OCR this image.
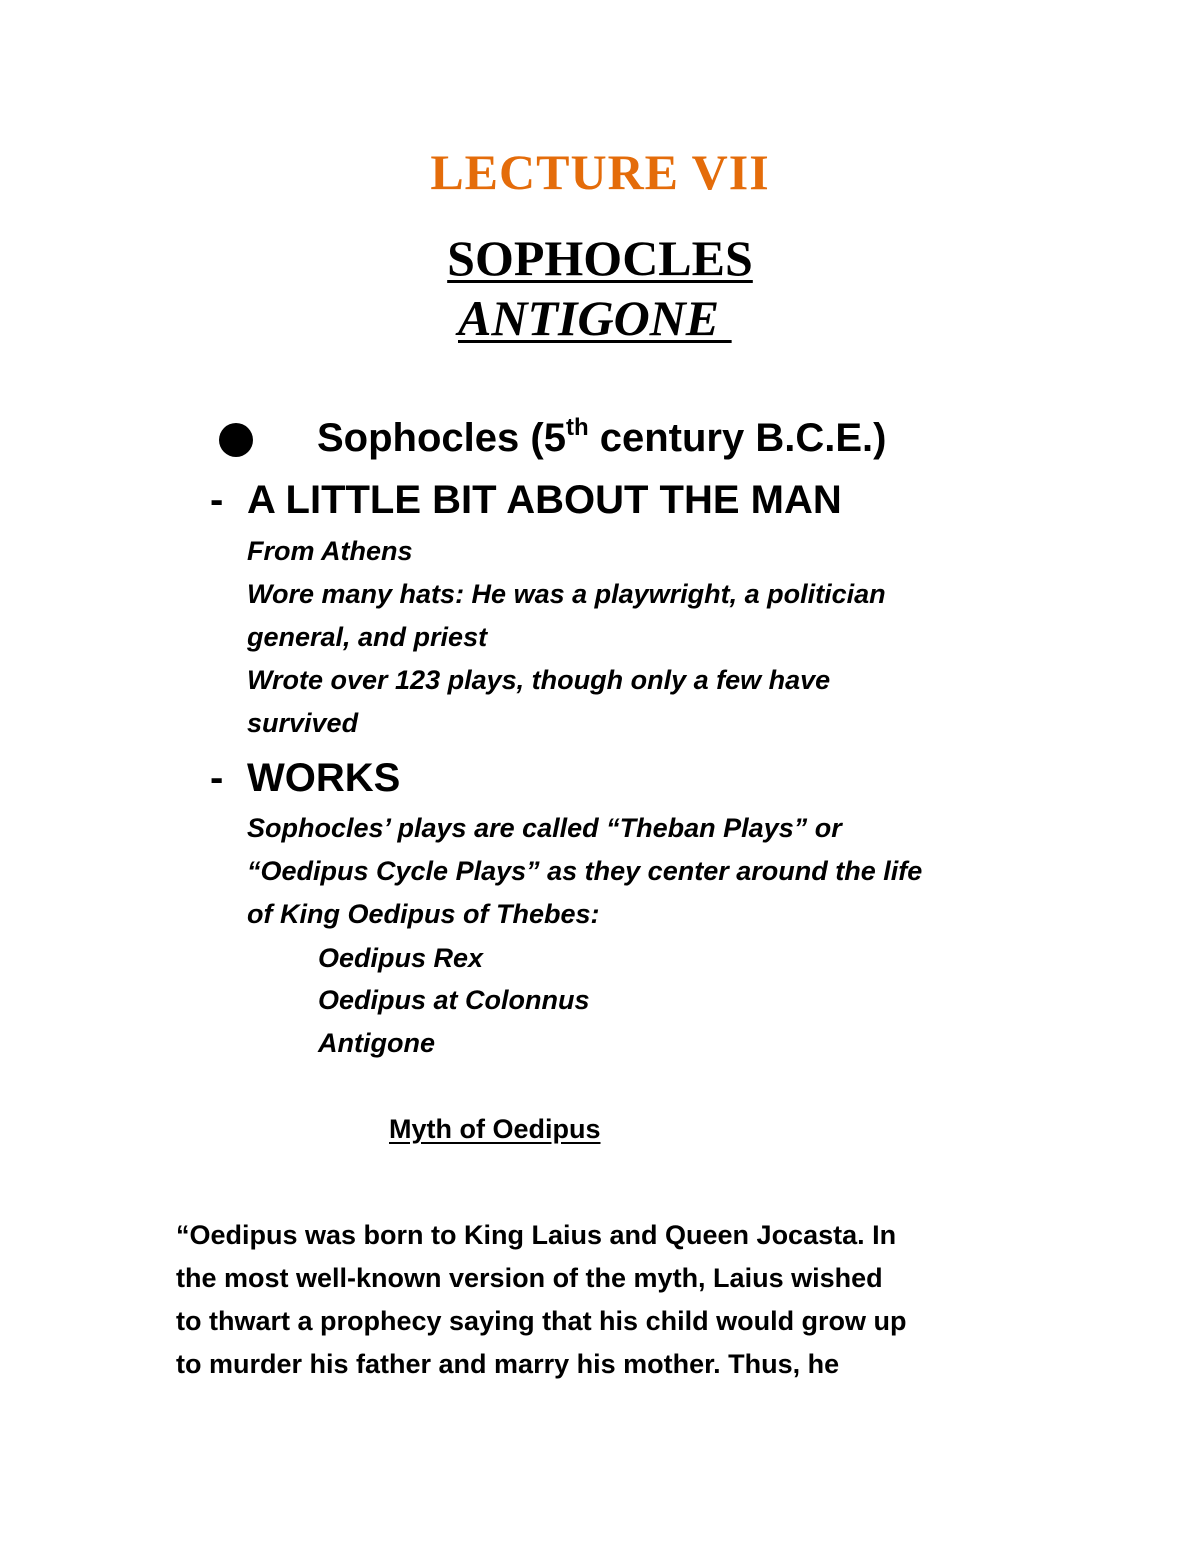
LECTURE VII
SOPHOCLES
ANTIGONE
Sophocles (5th century B.C.E.)
- A LITTLE BIT ABOUT THE MAN
From Athens
Wore many hats: He was a playwright, a politician
general, and priest
Wrote over 123 plays, though only a few have
survived
- WORKS
Sophocles’ plays are called “Theban Plays” or
“Oedipus Cycle Plays” as they center around the life
of King Oedipus of Thebes:
Oedipus Rex
Oedipus at Colonnus
Antigone
Myth of Oedipus
“Oedipus was born to King Laius and Queen Jocasta. In
the most well-known version of the myth, Laius wished
to thwart a prophecy saying that his child would grow up
to murder his father and marry his mother. Thus, he
